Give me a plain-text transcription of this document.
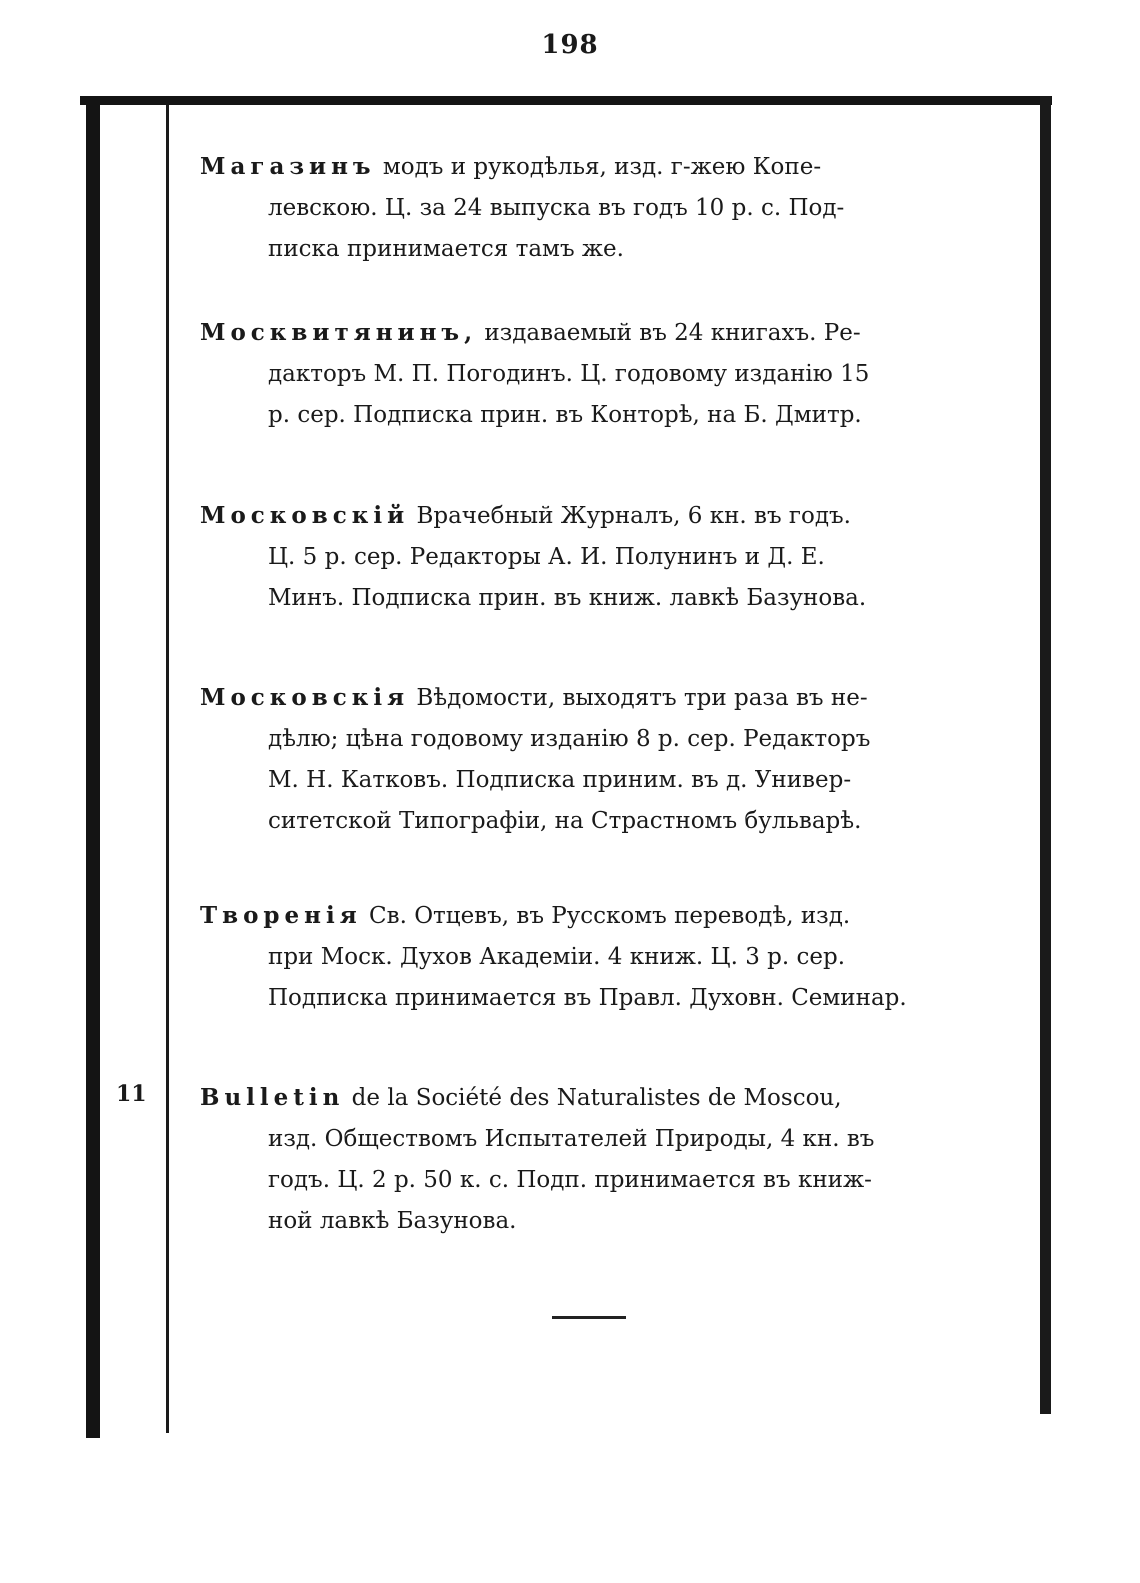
198
Магазинъ модъ и рукодѣлья, изд. г-жею Копе-
левскою. Ц. за 24 выпуска въ годъ 10 р. с. Под-
писка принимается тамъ же.
Москвитянинъ, издаваемый въ 24 книгахъ. Ре-
дакторъ М. П. Погодинъ. Ц. годовому изданію 15
р. сер. Подписка прин. въ Конторѣ, на Б. Дмитр.
Московскій Врачебный Журналъ, 6 кн. въ годъ.
Ц. 5 р. сер. Редакторы А. И. Полунинъ и Д. Е.
Минъ. Подписка прин. въ книж. лавкѣ Базунова.
Московскія Вѣдомости, выходятъ три раза въ не-
дѣлю; цѣна годовому изданію 8 р. сер. Редакторъ
М. Н. Катковъ. Подписка приним. въ д. Универ-
ситетской Типографіи, на Страстномъ бульварѣ.
Творенія Св. Отцевъ, въ Русскомъ переводѣ, изд.
при Моск. Духов Академіи. 4 книж. Ц. 3 р. сер.
Подписка принимается въ Правл. Духовн. Семинар.
11 Bulletin de la Société des Naturalistes de Moscou,
изд. Обществомъ Испытателей Природы, 4 кн. въ
годъ. Ц. 2 р. 50 к. с. Подп. принимается въ книж-
ной лавкѣ Базунова.
